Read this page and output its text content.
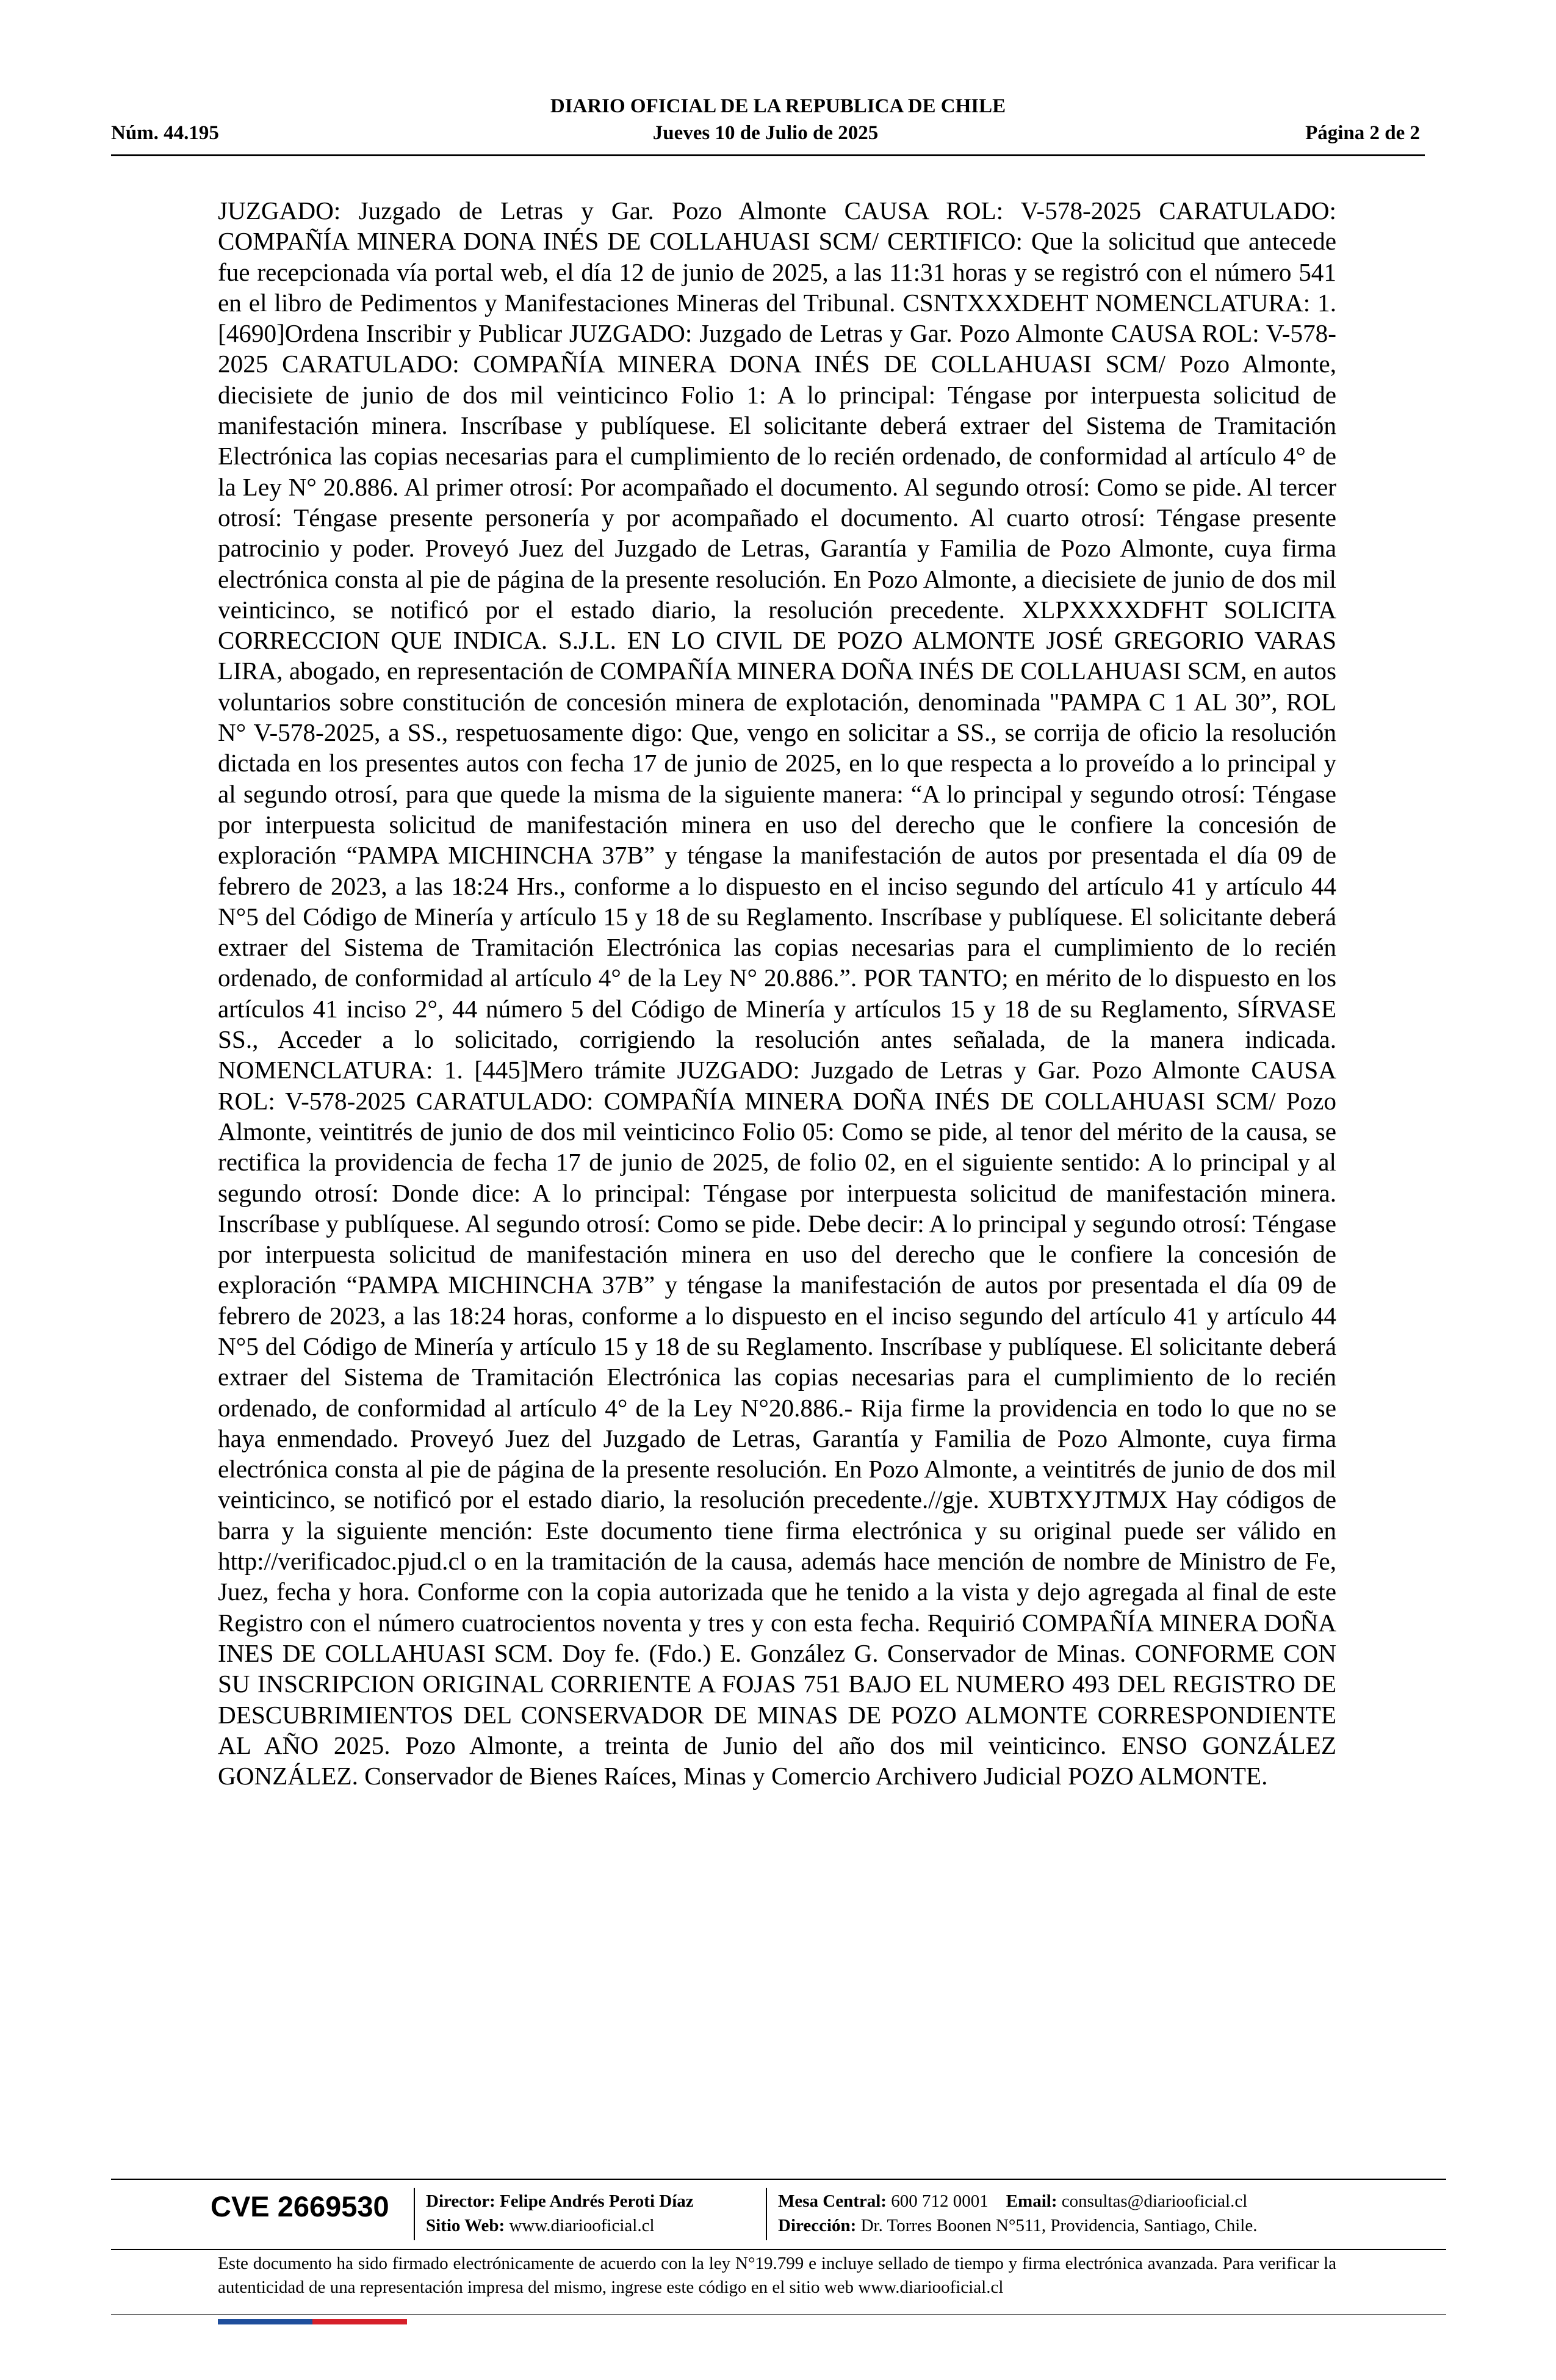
DIARIO OFICIAL DE LA REPUBLICA DE CHILE
Núm. 44.195	Jueves 10 de Julio de 2025	Página 2 de 2

JUZGADO: Juzgado de Letras y Gar. Pozo Almonte CAUSA ROL: V-578-2025 CARATULADO: COMPAÑÍA MINERA DONA INÉS DE COLLAHUASI SCM/ CERTIFICO: Que la solicitud que antecede fue recepcionada vía portal web, el día 12 de junio de 2025, a las 11:31 horas y se registró con el número 541 en el libro de Pedimentos y Manifestaciones Mineras del Tribunal. CSNTXXXDEHT NOMENCLATURA: 1. [4690]Ordena Inscribir y Publicar JUZGADO: Juzgado de Letras y Gar. Pozo Almonte CAUSA ROL: V-578-2025 CARATULADO: COMPAÑÍA MINERA DONA INÉS DE COLLAHUASI SCM/ Pozo Almonte, diecisiete de junio de dos mil veinticinco Folio 1: A lo principal: Téngase por interpuesta solicitud de manifestación minera. Inscríbase y publíquese. El solicitante deberá extraer del Sistema de Tramitación Electrónica las copias necesarias para el cumplimiento de lo recién ordenado, de conformidad al artículo 4° de la Ley N° 20.886. Al primer otrosí: Por acompañado el documento. Al segundo otrosí: Como se pide. Al tercer otrosí: Téngase presente personería y por acompañado el documento. Al cuarto otrosí: Téngase presente patrocinio y poder. Proveyó Juez del Juzgado de Letras, Garantía y Familia de Pozo Almonte, cuya firma electrónica consta al pie de página de la presente resolución. En Pozo Almonte, a diecisiete de junio de dos mil veinticinco, se notificó por el estado diario, la resolución precedente. XLPXXXXDFHT SOLICITA CORRECCION QUE INDICA. S.J.L. EN LO CIVIL DE POZO ALMONTE JOSÉ GREGORIO VARAS LIRA, abogado, en representación de COMPAÑÍA MINERA DOÑA INÉS DE COLLAHUASI SCM, en autos voluntarios sobre constitución de concesión minera de explotación, denominada "PAMPA C 1 AL 30”, ROL N° V-578-2025, a SS., respetuosamente digo: Que, vengo en solicitar a SS., se corrija de oficio la resolución dictada en los presentes autos con fecha 17 de junio de 2025, en lo que respecta a lo proveído a lo principal y al segundo otrosí, para que quede la misma de la siguiente manera: “A lo principal y segundo otrosí: Téngase por interpuesta solicitud de manifestación minera en uso del derecho que le confiere la concesión de exploración “PAMPA MICHINCHA 37B” y téngase la manifestación de autos por presentada el día 09 de febrero de 2023, a las 18:24 Hrs., conforme a lo dispuesto en el inciso segundo del artículo 41 y artículo 44 N°5 del Código de Minería y artículo 15 y 18 de su Reglamento. Inscríbase y publíquese. El solicitante deberá extraer del Sistema de Tramitación Electrónica las copias necesarias para el cumplimiento de lo recién ordenado, de conformidad al artículo 4° de la Ley N° 20.886.”. POR TANTO; en mérito de lo dispuesto en los artículos 41 inciso 2°, 44 número 5 del Código de Minería y artículos 15 y 18 de su Reglamento, SÍRVASE SS., Acceder a lo solicitado, corrigiendo la resolución antes señalada, de la manera indicada. NOMENCLATURA: 1. [445]Mero trámite JUZGADO: Juzgado de Letras y Gar. Pozo Almonte CAUSA ROL: V-578-2025 CARATULADO: COMPAÑÍA MINERA DOÑA INÉS DE COLLAHUASI SCM/ Pozo Almonte, veintitrés de junio de dos mil veinticinco Folio 05: Como se pide, al tenor del mérito de la causa, se rectifica la providencia de fecha 17 de junio de 2025, de folio 02, en el siguiente sentido: A lo principal y al segundo otrosí: Donde dice: A lo principal: Téngase por interpuesta solicitud de manifestación minera. Inscríbase y publíquese. Al segundo otrosí: Como se pide. Debe decir: A lo principal y segundo otrosí: Téngase por interpuesta solicitud de manifestación minera en uso del derecho que le confiere la concesión de exploración “PAMPA MICHINCHA 37B” y téngase la manifestación de autos por presentada el día 09 de febrero de 2023, a las 18:24 horas, conforme a lo dispuesto en el inciso segundo del artículo 41 y artículo 44 N°5 del Código de Minería y artículo 15 y 18 de su Reglamento. Inscríbase y publíquese. El solicitante deberá extraer del Sistema de Tramitación Electrónica las copias necesarias para el cumplimiento de lo recién ordenado, de conformidad al artículo 4° de la Ley N°20.886.- Rija firme la providencia en todo lo que no se haya enmendado. Proveyó Juez del Juzgado de Letras, Garantía y Familia de Pozo Almonte, cuya firma electrónica consta al pie de página de la presente resolución. En Pozo Almonte, a veintitrés de junio de dos mil veinticinco, se notificó por el estado diario, la resolución precedente.//gje. XUBTXYJTMJX Hay códigos de barra y la siguiente mención: Este documento tiene firma electrónica y su original puede ser válido en http://verificadoc.pjud.cl o en la tramitación de la causa, además hace mención de nombre de Ministro de Fe, Juez, fecha y hora. Conforme con la copia autorizada que he tenido a la vista y dejo agregada al final de este Registro con el número cuatrocientos noventa y tres y con esta fecha. Requirió COMPAÑÍA MINERA DOÑA INES DE COLLAHUASI SCM. Doy fe. (Fdo.) E. González G. Conservador de Minas. CONFORME CON SU INSCRIPCION ORIGINAL CORRIENTE A FOJAS 751 BAJO EL NUMERO 493 DEL REGISTRO DE DESCUBRIMIENTOS DEL CONSERVADOR DE MINAS DE POZO ALMONTE CORRESPONDIENTE AL AÑO 2025. Pozo Almonte, a treinta de Junio del año dos mil veinticinco. ENSO GONZÁLEZ GONZÁLEZ. Conservador de Bienes Raíces, Minas y Comercio Archivero Judicial POZO ALMONTE.

CVE 2669530 Director: Felipe Andrés Peroti Díaz
Sitio Web: www.diariooficial.cl
Mesa Central: 600 712 0001 Email: consultas@diariooficial.cl
Dirección: Dr. Torres Boonen N°511, Providencia, Santiago, Chile.

Este documento ha sido firmado electrónicamente de acuerdo con la ley N°19.799 e incluye sellado de tiempo y firma electrónica avanzada. Para verificar la autenticidad de una representación impresa del mismo, ingrese este código en el sitio web www.diariooficial.cl
